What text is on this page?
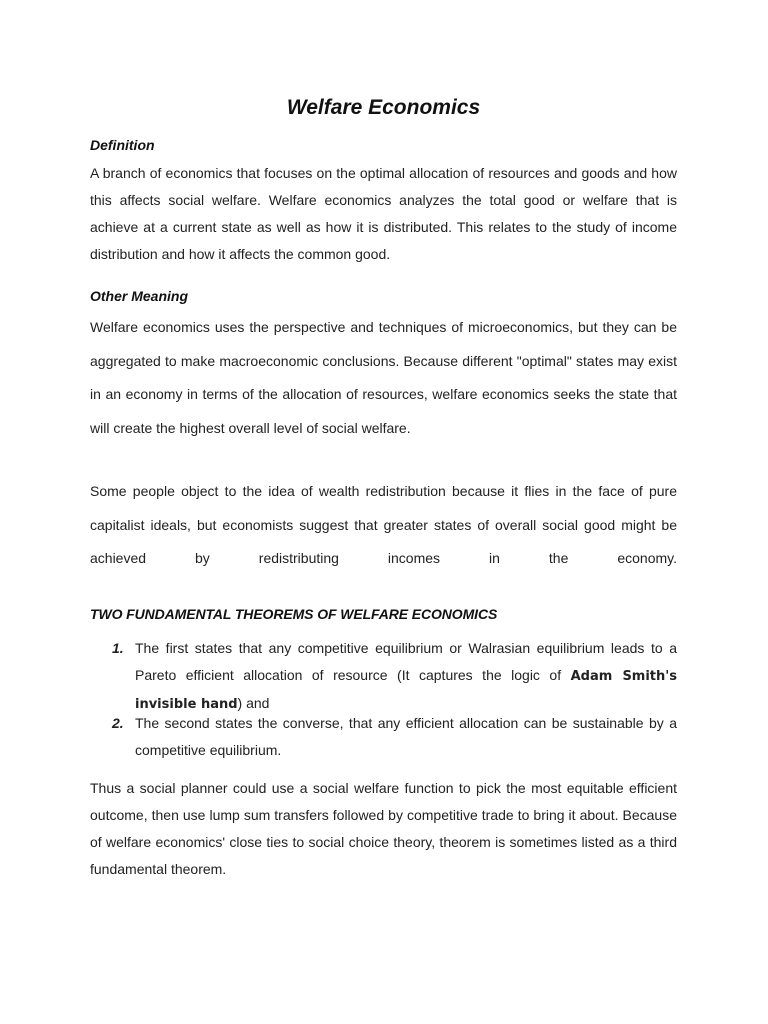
Welfare Economics
Definition

A branch of economics that focuses on the optimal allocation of resources and goods and how this affects social welfare. Welfare economics analyzes the total good or welfare that is achieve at a current state as well as how it is distributed. This relates to the study of income distribution and how it affects the common good.

Other Meaning

Welfare economics uses the perspective and techniques of microeconomics, but they can be aggregated to make macroeconomic conclusions. Because different "optimal" states may exist in an economy in terms of the allocation of resources, welfare economics seeks the state that will create the highest overall level of social welfare.

Some people object to the idea of wealth redistribution because it flies in the face of pure capitalist ideals, but economists suggest that greater states of overall social good might be achieved by redistributing incomes in the economy.

TWO FUNDAMENTAL THEOREMS OF WELFARE ECONOMICS
1. The first states that any competitive equilibrium or Walrasian equilibrium leads to a Pareto efficient allocation of resource (It captures the logic of Adam Smith's invisible hand) and
2. The second states the converse, that any efficient allocation can be sustainable by a competitive equilibrium.

Thus a social planner could use a social welfare function to pick the most equitable efficient outcome, then use lump sum transfers followed by competitive trade to bring it about. Because of welfare economics' close ties to social choice theory, theorem is sometimes listed as a third fundamental theorem.
